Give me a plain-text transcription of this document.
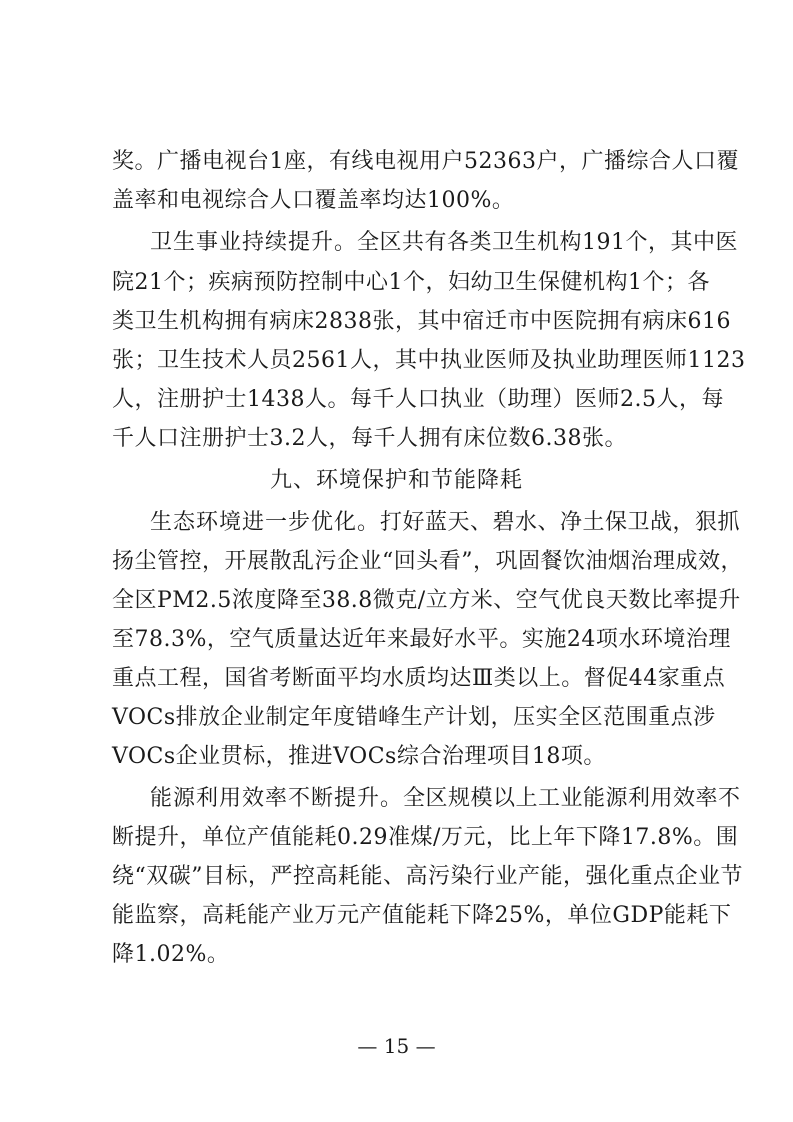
奖。广播电视台1座，有线电视用户52363户，广播综合人口覆
盖率和电视综合人口覆盖率均达100%。
卫生事业持续提升。全区共有各类卫生机构191个，其中医
院21个；疾病预防控制中心1个，妇幼卫生保健机构1个；各
类卫生机构拥有病床2838张，其中宿迁市中医院拥有病床616
张；卫生技术人员2561人，其中执业医师及执业助理医师1123
人，注册护士1438人。每千人口执业（助理）医师2.5人，每
千人口注册护士3.2人，每千人拥有床位数6.38张。
九、环境保护和节能降耗
生态环境进一步优化。打好蓝天、碧水、净土保卫战，狠抓
扬尘管控，开展散乱污企业“回头看”，巩固餐饮油烟治理成效，
全区PM2.5浓度降至38.8微克/立方米、空气优良天数比率提升
至78.3%，空气质量达近年来最好水平。实施24项水环境治理
重点工程，国省考断面平均水质均达Ⅲ类以上。督促44家重点
VOCs排放企业制定年度错峰生产计划，压实全区范围重点涉
VOCs企业贯标，推进VOCs综合治理项目18项。
能源利用效率不断提升。全区规模以上工业能源利用效率不
断提升，单位产值能耗0.29准煤/万元，比上年下降17.8%。围
绕“双碳”目标，严控高耗能、高污染行业产能，强化重点企业节
能监察，高耗能产业万元产值能耗下降25%，单位GDP能耗下
降1.02%。
— 15 —
